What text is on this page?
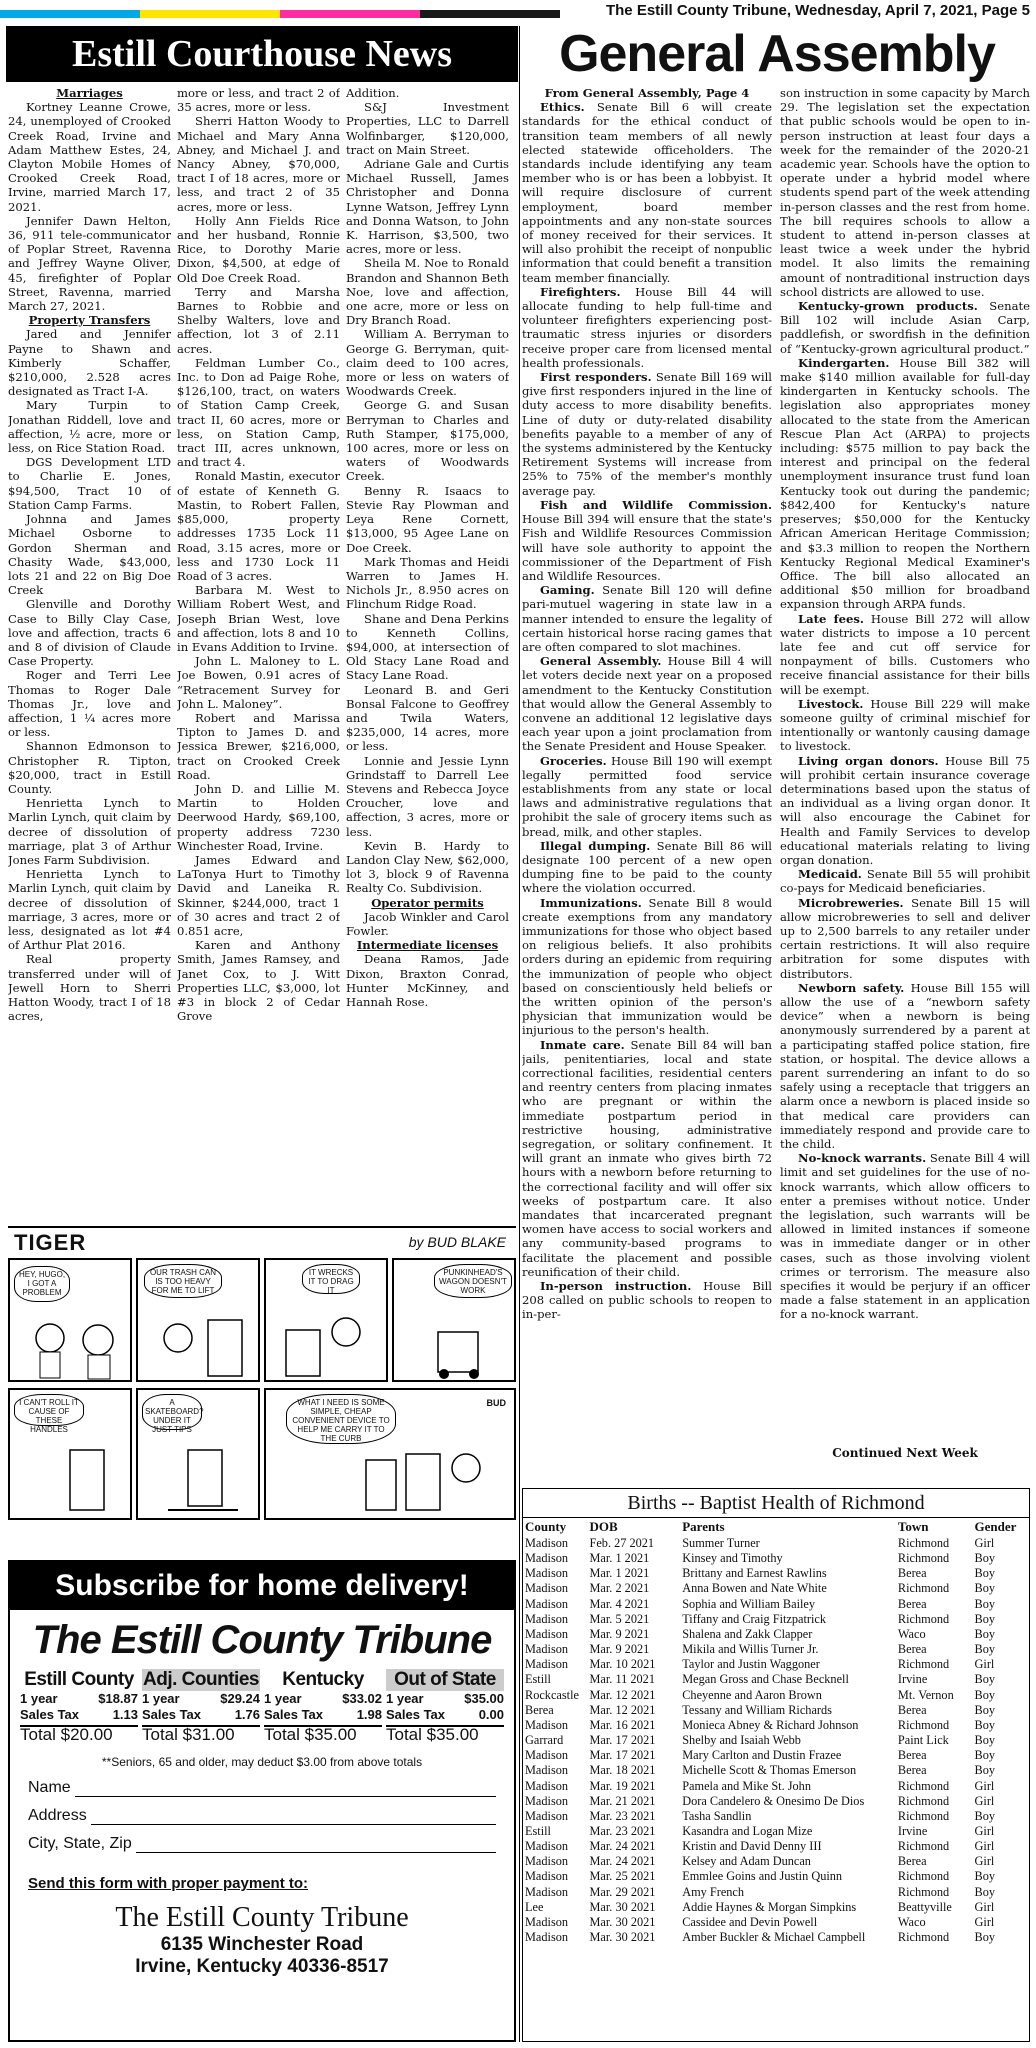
The Estill County Tribune, Wednesday, April 7, 2021, Page 5
Estill Courthouse News	General Assembly
Marriages

Kortney Leanne Crowe, 24, unemployed of Crooked Creek Road, Irvine and Adam Matthew Estes, 24, Clayton Mobile Homes of Crooked Creek Road, Irvine, married March 17, 2021.

Jennifer Dawn Helton, 36, 911 tele-communicator of Poplar Street, Ravenna and Jeffrey Wayne Oliver, 45, firefighter of Poplar Street, Ravenna, married March 27, 2021.

Property Transfers

Jared and Jennifer Payne to Shawn and Kimberly Schaffer, $210,000, 2.528 acres designated as Tract I-A.

Mary Turpin to Jonathan Riddell, love and affection, ½ acre, more or less, on Rice Station Road.

DGS Development LTD to Charlie E. Jones, $94,500, Tract 10 of Station Camp Farms.

Johnna and James Michael Osborne to Gordon Sherman and Chasity Wade, $43,000, lots 21 and 22 on Big Doe Creek

Glenville and Dorothy Case to Billy Clay Case, love and affection, tracts 6 and 8 of division of Claude Case Property.

Roger and Terri Lee Thomas to Roger Dale Thomas Jr., love and affection, 1 ¼ acres more or less.

Shannon Edmonson to Christopher R. Tipton, $20,000, tract in Estill County.

Henrietta Lynch to Marlin Lynch, quit claim by decree of dissolution of marriage, plat 3 of Arthur Jones Farm Subdivision.

Henrietta Lynch to Marlin Lynch, quit claim by decree of dissolution of marriage, 3 acres, more or less, designated as lot #4 of Arthur Plat 2016.

Real property transferred under will of Jewell Horn to Sherri Hatton Woody, tract I of 18 acres,

more or less, and tract 2 of 35 acres, more or less.

Sherri Hatton Woody to Michael and Mary Anna Abney, and Michael J. and Nancy Abney, $70,000, tract I of 18 acres, more or less, and tract 2 of 35 acres, more or less.

Holly Ann Fields Rice and her husband, Ronnie Rice, to Dorothy Marie Dixon, $4,500, at edge of Old Doe Creek Road.

Terry and Marsha Barnes to Robbie and Shelby Walters, love and affection, lot 3 of 2.11 acres.

Feldman Lumber Co., Inc. to Don ad Paige Rohe, $126,100, tract, on waters of Station Camp Creek, tract II, 60 acres, more or less, on Station Camp, tract III, acres unknown, and tract 4.

Ronald Mastin, executor of estate of Kenneth G. Mastin, to Robert Fallen, $85,000, property addresses 1735 Lock 11 Road, 3.15 acres, more or less and 1730 Lock 11 Road of 3 acres.

Barbara M. West to William Robert West, and Joseph Brian West, love and affection, lots 8 and 10 in Evans Addition to Irvine.

John L. Maloney to L. Joe Bowen, 0.91 acres of “Retracement Survey for John L. Maloney”.

Robert and Marissa Tipton to James D. and Jessica Brewer, $216,000, tract on Crooked Creek Road.

John D. and Lillie M. Martin to Holden Deerwood Hardy, $69,100, property address 7230 Winchester Road, Irvine.

James Edward and LaTonya Hurt to Timothy David and Laneika R. Skinner, $244,000, tract 1 of 30 acres and tract 2 of 0.851 acre,

Karen and Anthony Smith, James Ramsey, and Janet Cox, to J. Witt Properties LLC, $3,000, lot #3 in block 2 of Cedar Grove

Addition.

S&J Investment Properties, LLC to Darrell Wolfinbarger, $120,000, tract on Main Street.

Adriane Gale and Curtis Michael Russell, James Christopher and Donna Lynne Watson, Jeffrey Lynn and Donna Watson, to John K. Harrison, $3,500, two acres, more or less.

Sheila M. Noe to Ronald Brandon and Shannon Beth Noe, love and affection, one acre, more or less on Dry Branch Road.

William A. Berryman to George G. Berryman, quit-claim deed to 100 acres, more or less on waters of Woodwards Creek.

George G. and Susan Berryman to Charles and Ruth Stamper, $175,000, 100 acres, more or less on waters of Woodwards Creek.

Benny R. Isaacs to Stevie Ray Plowman and Leya Rene Cornett, $13,000, 95 Agee Lane on Doe Creek.

Mark Thomas and Heidi Warren to James H. Nichols Jr., 8.950 acres on Flinchum Ridge Road.

Shane and Dena Perkins to Kenneth Collins, $94,000, at intersection of Old Stacy Lane Road and Stacy Lane Road.

Leonard B. and Geri Bonsal Falcone to Geoffrey and Twila Waters, $235,000, 14 acres, more or less.

Lonnie and Jessie Lynn Grindstaff to Darrell Lee Stevens and Rebecca Joyce Croucher, love and affection, 3 acres, more or less.

Kevin B. Hardy to Landon Clay New, $62,000, lot 3, block 9 of Ravenna Realty Co. Subdivision.

Operator permits

Jacob Winkler and Carol Fowler.

Intermediate licenses

Deana Ramos, Jade Dixon, Braxton Conrad, Hunter McKinney, and Hannah Rose.

From General Assembly, Page 4

Ethics. Senate Bill 6 will create standards for the ethical conduct of transition team members of all newly elected statewide officeholders. The standards include identifying any team member who is or has been a lobbyist. It will require disclosure of current employment, board member appointments and any non-state sources of money received for their services. It will also prohibit the receipt of nonpublic information that could benefit a transition team member financially.

Firefighters. House Bill 44 will allocate funding to help full-time and volunteer firefighters experiencing post-traumatic stress injuries or disorders receive proper care from licensed mental health professionals.

First responders. Senate Bill 169 will give first responders injured in the line of duty access to more disability benefits. Line of duty or duty-related disability benefits payable to a member of any of the systems administered by the Kentucky Retirement Systems will increase from 25% to 75% of the member's monthly average pay.

Fish and Wildlife Commission. House Bill 394 will ensure that the state's Fish and Wildlife Resources Commission will have sole authority to appoint the commissioner of the Department of Fish and Wildlife Resources.

Gaming. Senate Bill 120 will define pari-mutuel wagering in state law in a manner intended to ensure the legality of certain historical horse racing games that are often compared to slot machines.

General Assembly. House Bill 4 will let voters decide next year on a proposed amendment to the Kentucky Constitution that would allow the General Assembly to convene an additional 12 legislative days each year upon a joint proclamation from the Senate President and House Speaker.

Groceries. House Bill 190 will exempt legally permitted food service establishments from any state or local laws and administrative regulations that prohibit the sale of grocery items such as bread, milk, and other staples.

Illegal dumping. Senate Bill 86 will designate 100 percent of a new open dumping fine to be paid to the county where the violation occurred.

Immunizations. Senate Bill 8 would create exemptions from any mandatory immunizations for those who object based on religious beliefs. It also prohibits orders during an epidemic from requiring the immunization of people who object based on conscientiously held beliefs or the written opinion of the person's physician that immunization would be injurious to the person's health.

Inmate care. Senate Bill 84 will ban jails, penitentiaries, local and state correctional facilities, residential centers and reentry centers from placing inmates who are pregnant or within the immediate postpartum period in restrictive housing, administrative segregation, or solitary confinement. It will grant an inmate who gives birth 72 hours with a newborn before returning to the correctional facility and will offer six weeks of postpartum care. It also mandates that incarcerated pregnant women have access to social workers and any community-based programs to facilitate the placement and possible reunification of their child.

In-person instruction. House Bill 208 called on public schools to reopen to in-per-

son instruction in some capacity by March 29. The legislation set the expectation that public schools would be open to in-person instruction at least four days a week for the remainder of the 2020-21 academic year. Schools have the option to operate under a hybrid model where students spend part of the week attending in-person classes and the rest from home. The bill requires schools to allow a student to attend in-person classes at least twice a week under the hybrid model. It also limits the remaining amount of nontraditional instruction days school districts are allowed to use.

Kentucky-grown products. Senate Bill 102 will include Asian Carp, paddlefish, or swordfish in the definition of “Kentucky-grown agricultural product.”

Kindergarten. House Bill 382 will make $140 million available for full-day kindergarten in Kentucky schools. The legislation also appropriates money allocated to the state from the American Rescue Plan Act (ARPA) to projects including: $575 million to pay back the interest and principal on the federal unemployment insurance trust fund loan Kentucky took out during the pandemic; $842,400 for Kentucky's nature preserves; $50,000 for the Kentucky African American Heritage Commission; and $3.3 million to reopen the Northern Kentucky Regional Medical Examiner's Office. The bill also allocated an additional $50 million for broadband expansion through ARPA funds.

Late fees. House Bill 272 will allow water districts to impose a 10 percent late fee and cut off service for nonpayment of bills. Customers who receive financial assistance for their bills will be exempt.

Livestock. House Bill 229 will make someone guilty of criminal mischief for intentionally or wantonly causing damage to livestock.

Living organ donors. House Bill 75 will prohibit certain insurance coverage determinations based upon the status of an individual as a living organ donor. It will also encourage the Cabinet for Health and Family Services to develop educational materials relating to living organ donation.

Medicaid. Senate Bill 55 will prohibit co-pays for Medicaid beneficiaries.

Microbreweries. Senate Bill 15 will allow microbreweries to sell and deliver up to 2,500 barrels to any retailer under certain restrictions. It will also require arbitration for some disputes with distributors.

Newborn safety. House Bill 155 will allow the use of a “newborn safety device” when a newborn is being anonymously surrendered by a parent at a participating staffed police station, fire station, or hospital. The device allows a parent surrendering an infant to do so safely using a receptacle that triggers an alarm once a newborn is placed inside so that medical care providers can immediately respond and provide care to the child.

No-knock warrants. Senate Bill 4 will limit and set guidelines for the use of no-knock warrants, which allow officers to enter a premises without notice. Under the legislation, such warrants will be allowed in limited instances if someone was in immediate danger or in other cases, such as those involving violent crimes or terrorism. The measure also specifies it would be perjury if an officer made a false statement in an application for a no-knock warrant.

Continued Next Week
TIGER	by BUD BLAKE
HEY, HUGO, I GOT A PROBLEM
OUR TRASH CAN IS TOO HEAVY FOR ME TO LIFT
IT WRECKS IT TO DRAG IT
PUNKINHEAD'S WAGON DOESN'T WORK
I CAN'T ROLL IT CAUSE OF THESE HANDLES
A SKATEBOARD? UNDER IT JUST TIPS
WHAT I NEED IS SOME SIMPLE, CHEAP CONVENIENT DEVICE TO HELP ME CARRY IT TO THE CURB
BUD
Subscribe for home delivery!
The Estill County Tribune
Estill County
1 year	$18.87
Sales Tax	1.13
Total $20.00
Adj. Counties
1 year	$29.24
Sales Tax	1.76
Total $31.00
Kentucky
1 year	$33.02
Sales Tax	1.98
Total $35.00
Out of State
1 year	$35.00
Sales Tax	0.00
Total $35.00
**Seniors, 65 and older, may deduct $3.00 from above totals
Name
Address
City, State, Zip
Send this form with proper payment to:
The Estill County Tribune
6135 Winchester Road
Irvine, Kentucky 40336-8517
Births -- Baptist Health of Richmond
County	DOB	Parents	Town	Gender
Madison	Feb. 27 2021	Summer Turner	Richmond	Girl
Madison	Mar. 1 2021	Kinsey and Timothy	Richmond	Boy
Madison	Mar. 1 2021	Brittany and Earnest Rawlins	Berea	Boy
Madison	Mar. 2 2021	Anna Bowen and Nate White	Richmond	Boy
Madison	Mar. 4 2021	Sophia and William Bailey	Berea	Boy
Madison	Mar. 5 2021	Tiffany and Craig Fitzpatrick	Richmond	Boy
Madison	Mar. 9 2021	Shalena and Zakk Clapper	Waco	Boy
Madison	Mar. 9 2021	Mikila and Willis Turner Jr.	Berea	Boy
Madison	Mar. 10 2021	Taylor and Justin Waggoner	Richmond	Girl
Estill	Mar. 11 2021	Megan Gross and Chase Becknell	Irvine	Boy
Rockcastle	Mar. 12 2021	Cheyenne and Aaron Brown	Mt. Vernon	Boy
Berea	Mar. 12 2021	Tessany and William Richards	Berea	Boy
Madison	Mar. 16 2021	Monieca Abney & Richard Johnson	Richmond	Boy
Garrard	Mar. 17 2021	Shelby and Isaiah Webb	Paint Lick	Boy
Madison	Mar. 17 2021	Mary Carlton and Dustin Frazee	Berea	Boy
Madison	Mar. 18 2021	Michelle Scott & Thomas Emerson	Berea	Boy
Madison	Mar. 19 2021	Pamela and Mike St. John	Richmond	Girl
Madison	Mar. 21 2021	Dora Candelero & Onesimo De Dios	Richmond	Girl
Madison	Mar. 23 2021	Tasha Sandlin	Richmond	Boy
Estill	Mar. 23 2021	Kasandra and Logan Mize	Irvine	Girl
Madison	Mar. 24 2021	Kristin and David Denny III	Richmond	Girl
Madison	Mar. 24 2021	Kelsey and Adam Duncan	Berea	Girl
Madison	Mar. 25 2021	Emmlee Goins and Justin Quinn	Richmond	Boy
Madison	Mar. 29 2021	Amy French	Richmond	Boy
Lee	Mar. 30 2021	Addie Haynes & Morgan Simpkins	Beattyville	Girl
Madison	Mar. 30 2021	Cassidee and Devin Powell	Waco	Girl
Madison	Mar. 30 2021	Amber Buckler & Michael Campbell	Richmond	Boy
